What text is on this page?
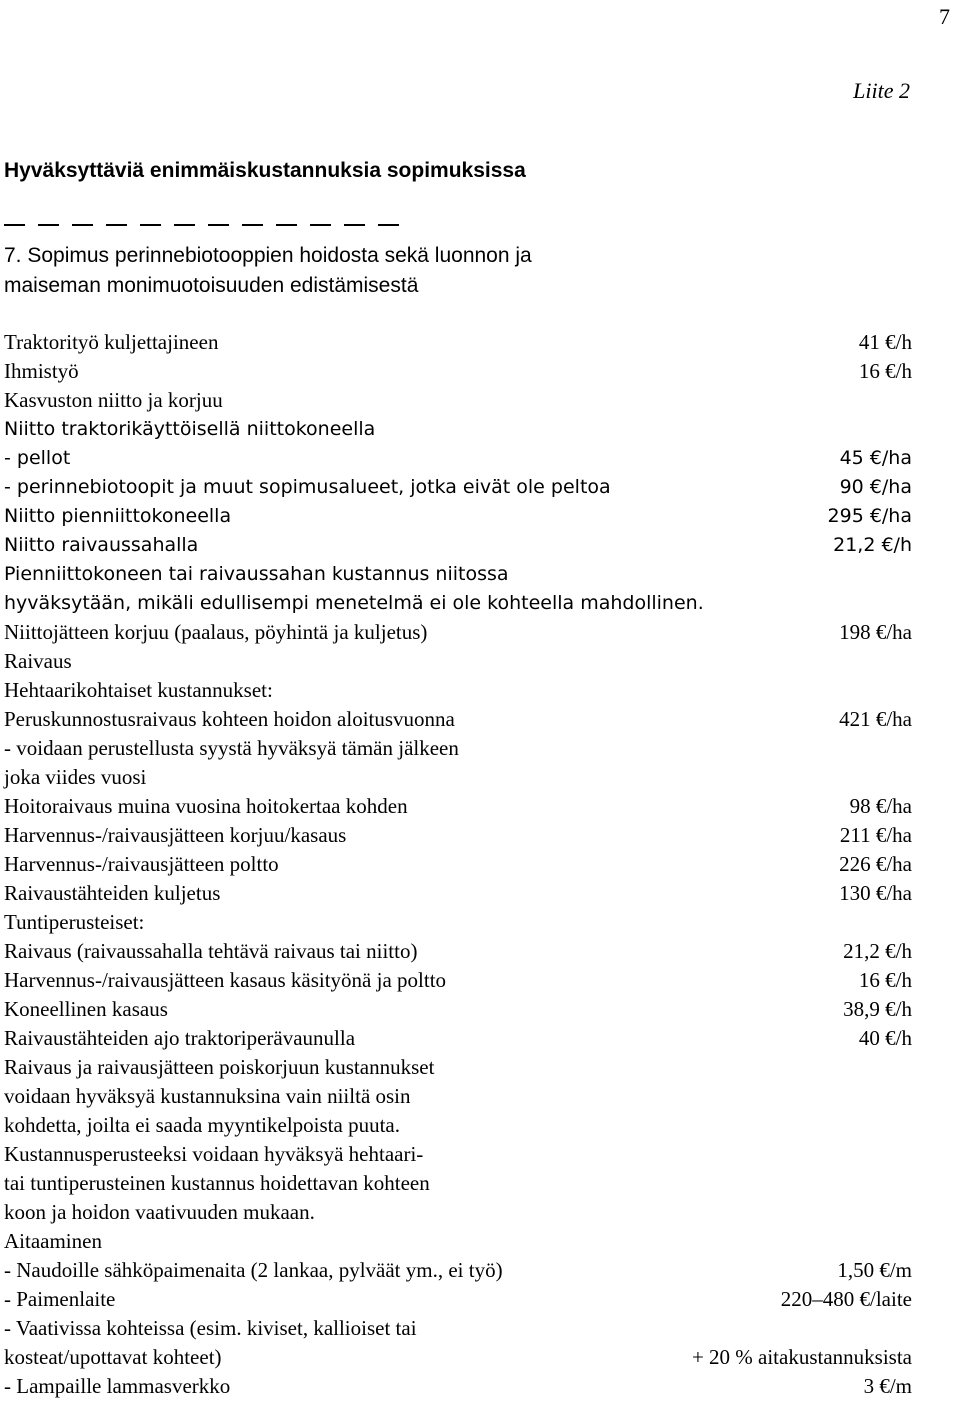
7
Liite 2
Hyväksyttäviä enimmäiskustannuksia sopimuksissa
7. Sopimus perinnebiotooppien hoidosta sekä luonnon ja
maiseman monimuotoisuuden edistämisestä
Traktorityö kuljettajineen	41 €/h
Ihmistyö	16 €/h
Kasvuston niitto ja korjuu
Niitto traktorikäyttöisellä niittokoneella
- pellot	45 €/ha
- perinnebiotoopit ja muut sopimusalueet, jotka eivät ole peltoa	90 €/ha
Niitto pienniittokoneella	295 €/ha
Niitto raivaussahalla	21,2 €/h
Pienniittokoneen tai raivaussahan kustannus niitossa
hyväksytään, mikäli edullisempi menetelmä ei ole kohteella mahdollinen.
Niittojätteen korjuu (paalaus, pöyhintä ja kuljetus)	198 €/ha
Raivaus
Hehtaarikohtaiset kustannukset:
Peruskunnostusraivaus kohteen hoidon aloitusvuonna	421 €/ha
- voidaan perustellusta syystä hyväksyä tämän jälkeen
joka viides vuosi
Hoitoraivaus muina vuosina hoitokertaa kohden	98 €/ha
Harvennus-/raivausjätteen korjuu/kasaus	211 €/ha
Harvennus-/raivausjätteen poltto	226 €/ha
Raivaustähteiden kuljetus	130 €/ha
Tuntiperusteiset:
Raivaus (raivaussahalla tehtävä raivaus tai niitto)	21,2 €/h
Harvennus-/raivausjätteen kasaus käsityönä ja poltto	16 €/h
Koneellinen kasaus	38,9 €/h
Raivaustähteiden ajo traktoriperävaunulla	40 €/h
Raivaus ja raivausjätteen poiskorjuun kustannukset
voidaan hyväksyä kustannuksina vain niiltä osin
kohdetta, joilta ei saada myyntikelpoista puuta.
Kustannusperusteeksi voidaan hyväksyä hehtaari-
tai tuntiperusteinen kustannus hoidettavan kohteen
koon ja hoidon vaativuuden mukaan.
Aitaaminen
- Naudoille sähköpaimenaita (2 lankaa, pylväät ym., ei työ)	1,50 €/m
- Paimenlaite	220–480 €/laite
- Vaativissa kohteissa (esim. kiviset, kallioiset tai
kosteat/upottavat kohteet)	+ 20 % aitakustannuksista
- Lampaille lammasverkko	3 €/m
